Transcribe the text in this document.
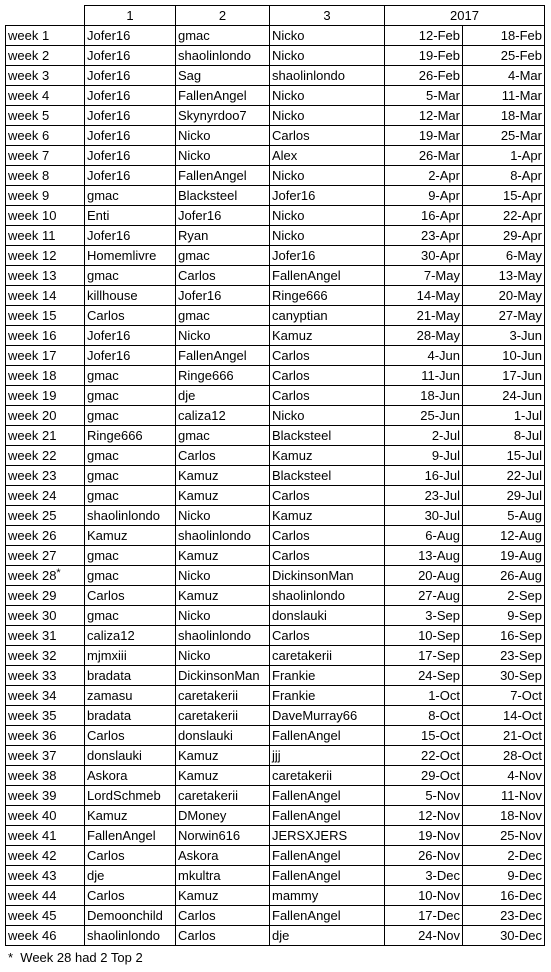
	1	2	3	2017	
week 1	Jofer16	gmac	Nicko	12-Feb	18-Feb
week 2	Jofer16	shaolinlondo	Nicko	19-Feb	25-Feb
week 3	Jofer16	Sag	shaolinlondo	26-Feb	4-Mar
week 4	Jofer16	FallenAngel	Nicko	5-Mar	11-Mar
week 5	Jofer16	Skynyrdoo7	Nicko	12-Mar	18-Mar
week 6	Jofer16	Nicko	Carlos	19-Mar	25-Mar
week 7	Jofer16	Nicko	Alex	26-Mar	1-Apr
week 8	Jofer16	FallenAngel	Nicko	2-Apr	8-Apr
week 9	gmac	Blacksteel	Jofer16	9-Apr	15-Apr
week 10	Enti	Jofer16	Nicko	16-Apr	22-Apr
week 11	Jofer16	Ryan	Nicko	23-Apr	29-Apr
week 12	Homemlivre	gmac	Jofer16	30-Apr	6-May
week 13	gmac	Carlos	FallenAngel	7-May	13-May
week 14	killhouse	Jofer16	Ringe666	14-May	20-May
week 15	Carlos	gmac	canyptian	21-May	27-May
week 16	Jofer16	Nicko	Kamuz	28-May	3-Jun
week 17	Jofer16	FallenAngel	Carlos	4-Jun	10-Jun
week 18	gmac	Ringe666	Carlos	11-Jun	17-Jun
week 19	gmac	dje	Carlos	18-Jun	24-Jun
week 20	gmac	caliza12	Nicko	25-Jun	1-Jul
week 21	Ringe666	gmac	Blacksteel	2-Jul	8-Jul
week 22	gmac	Carlos	Kamuz	9-Jul	15-Jul
week 23	gmac	Kamuz	Blacksteel	16-Jul	22-Jul
week 24	gmac	Kamuz	Carlos	23-Jul	29-Jul
week 25	shaolinlondo	Nicko	Kamuz	30-Jul	5-Aug
week 26	Kamuz	shaolinlondo	Carlos	6-Aug	12-Aug
week 27	gmac	Kamuz	Carlos	13-Aug	19-Aug
week 28*	gmac	Nicko	DickinsonMan	20-Aug	26-Aug
week 29	Carlos	Kamuz	shaolinlondo	27-Aug	2-Sep
week 30	gmac	Nicko	donslauki	3-Sep	9-Sep
week 31	caliza12	shaolinlondo	Carlos	10-Sep	16-Sep
week 32	mjmxiii	Nicko	caretakerii	17-Sep	23-Sep
week 33	bradata	DickinsonMan	Frankie	24-Sep	30-Sep
week 34	zamasu	caretakerii	Frankie	1-Oct	7-Oct
week 35	bradata	caretakerii	DaveMurray66	8-Oct	14-Oct
week 36	Carlos	donslauki	FallenAngel	15-Oct	21-Oct
week 37	donslauki	Kamuz	jjj	22-Oct	28-Oct
week 38	Askora	Kamuz	caretakerii	29-Oct	4-Nov
week 39	LordSchmeb	caretakerii	FallenAngel	5-Nov	11-Nov
week 40	Kamuz	DMoney	FallenAngel	12-Nov	18-Nov
week 41	FallenAngel	Norwin616	JERSXJERS	19-Nov	25-Nov
week 42	Carlos	Askora	FallenAngel	26-Nov	2-Dec
week 43	dje	mkultra	FallenAngel	3-Dec	9-Dec
week 44	Carlos	Kamuz	mammy	10-Nov	16-Dec
week 45	Demoonchild	Carlos	FallenAngel	17-Dec	23-Dec
week 46	shaolinlondo	Carlos	dje	24-Nov	30-Dec
* Week 28 had 2 Top 2
